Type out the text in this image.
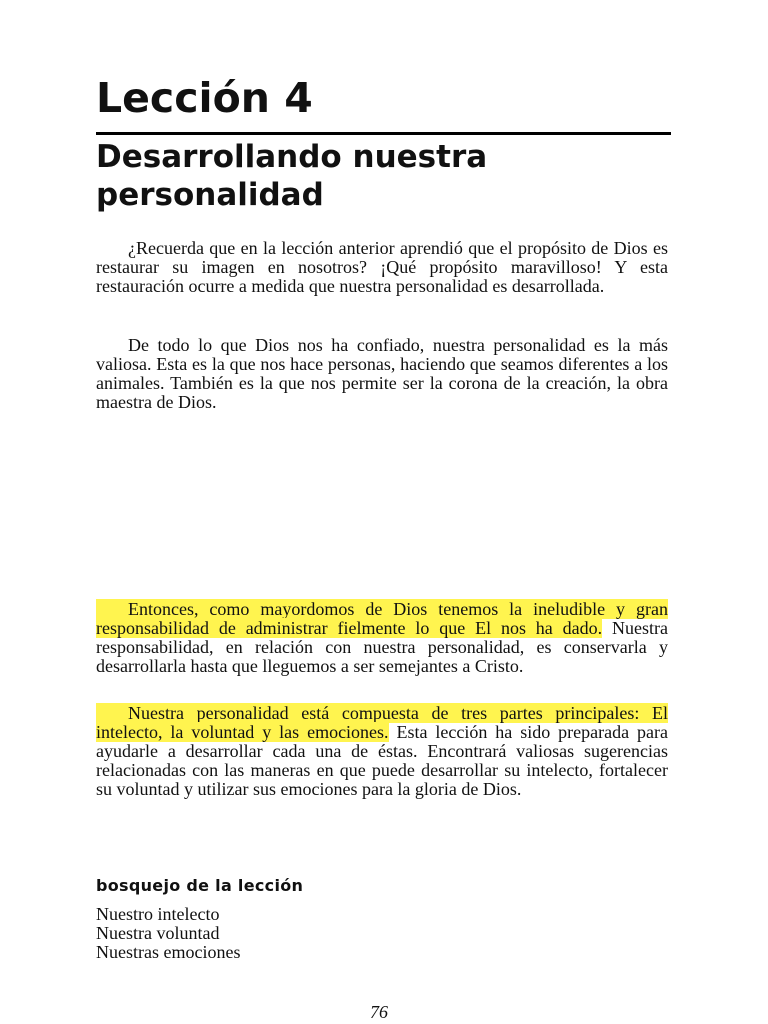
Lección 4
Desarrollando nuestra personalidad

¿Recuerda que en la lección anterior aprendió que el propósito de Dios es restaurar su imagen en nosotros? ¡Qué propósito maravilloso! Y esta restauración ocurre a medida que nuestra personalidad es desarrollada.

De todo lo que Dios nos ha confiado, nuestra personalidad es la más valiosa. Esta es la que nos hace personas, haciendo que seamos diferentes a los animales. También es la que nos permite ser la corona de la creación, la obra maestra de Dios.

Entonces, como mayordomos de Dios tenemos la ineludible y gran responsabilidad de administrar fielmente lo que El nos ha dado. Nuestra responsabilidad, en relación con nuestra personalidad, es conservarla y desarrollarla hasta que lleguemos a ser semejantes a Cristo.

Nuestra personalidad está compuesta de tres partes principales: El intelecto, la voluntad y las emociones. Esta lección ha sido preparada para ayudarle a desarrollar cada una de éstas. Encontrará valiosas sugerencias relacionadas con las maneras en que puede desarrollar su intelecto, fortalecer su voluntad y utilizar sus emociones para la gloria de Dios.

bosquejo de la lección
Nuestro intelecto
Nuestra voluntad
Nuestras emociones
76
